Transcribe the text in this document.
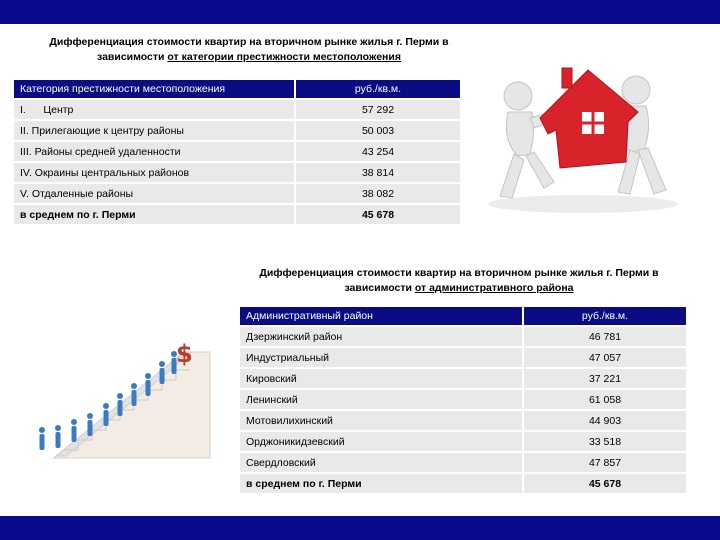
Дифференциация стоимости квартир на вторичном рынке жилья г. Перми в
зависимости от категории престижности местоположения
Категория престижности местоположения	руб./кв.м.
I.      Центр	57 292
II. Прилегающие к центру районы	50 003
III. Районы средней удаленности	43 254
IV. Окраины центральных районов	38 814
V. Отдаленные районы	38 082
в среднем по г. Перми	45 678
Дифференциация стоимости квартир на вторичном рынке жилья г. Перми в
зависимости от административного района
$
Административный район	руб./кв.м.
Дзержинский район	46 781
Индустриальный	47 057
Кировский	37 221
Ленинский	61 058
Мотовилихинский	44 903
Орджоникидзевский	33 518
Свердловский	47 857
в среднем по г. Перми	45 678
